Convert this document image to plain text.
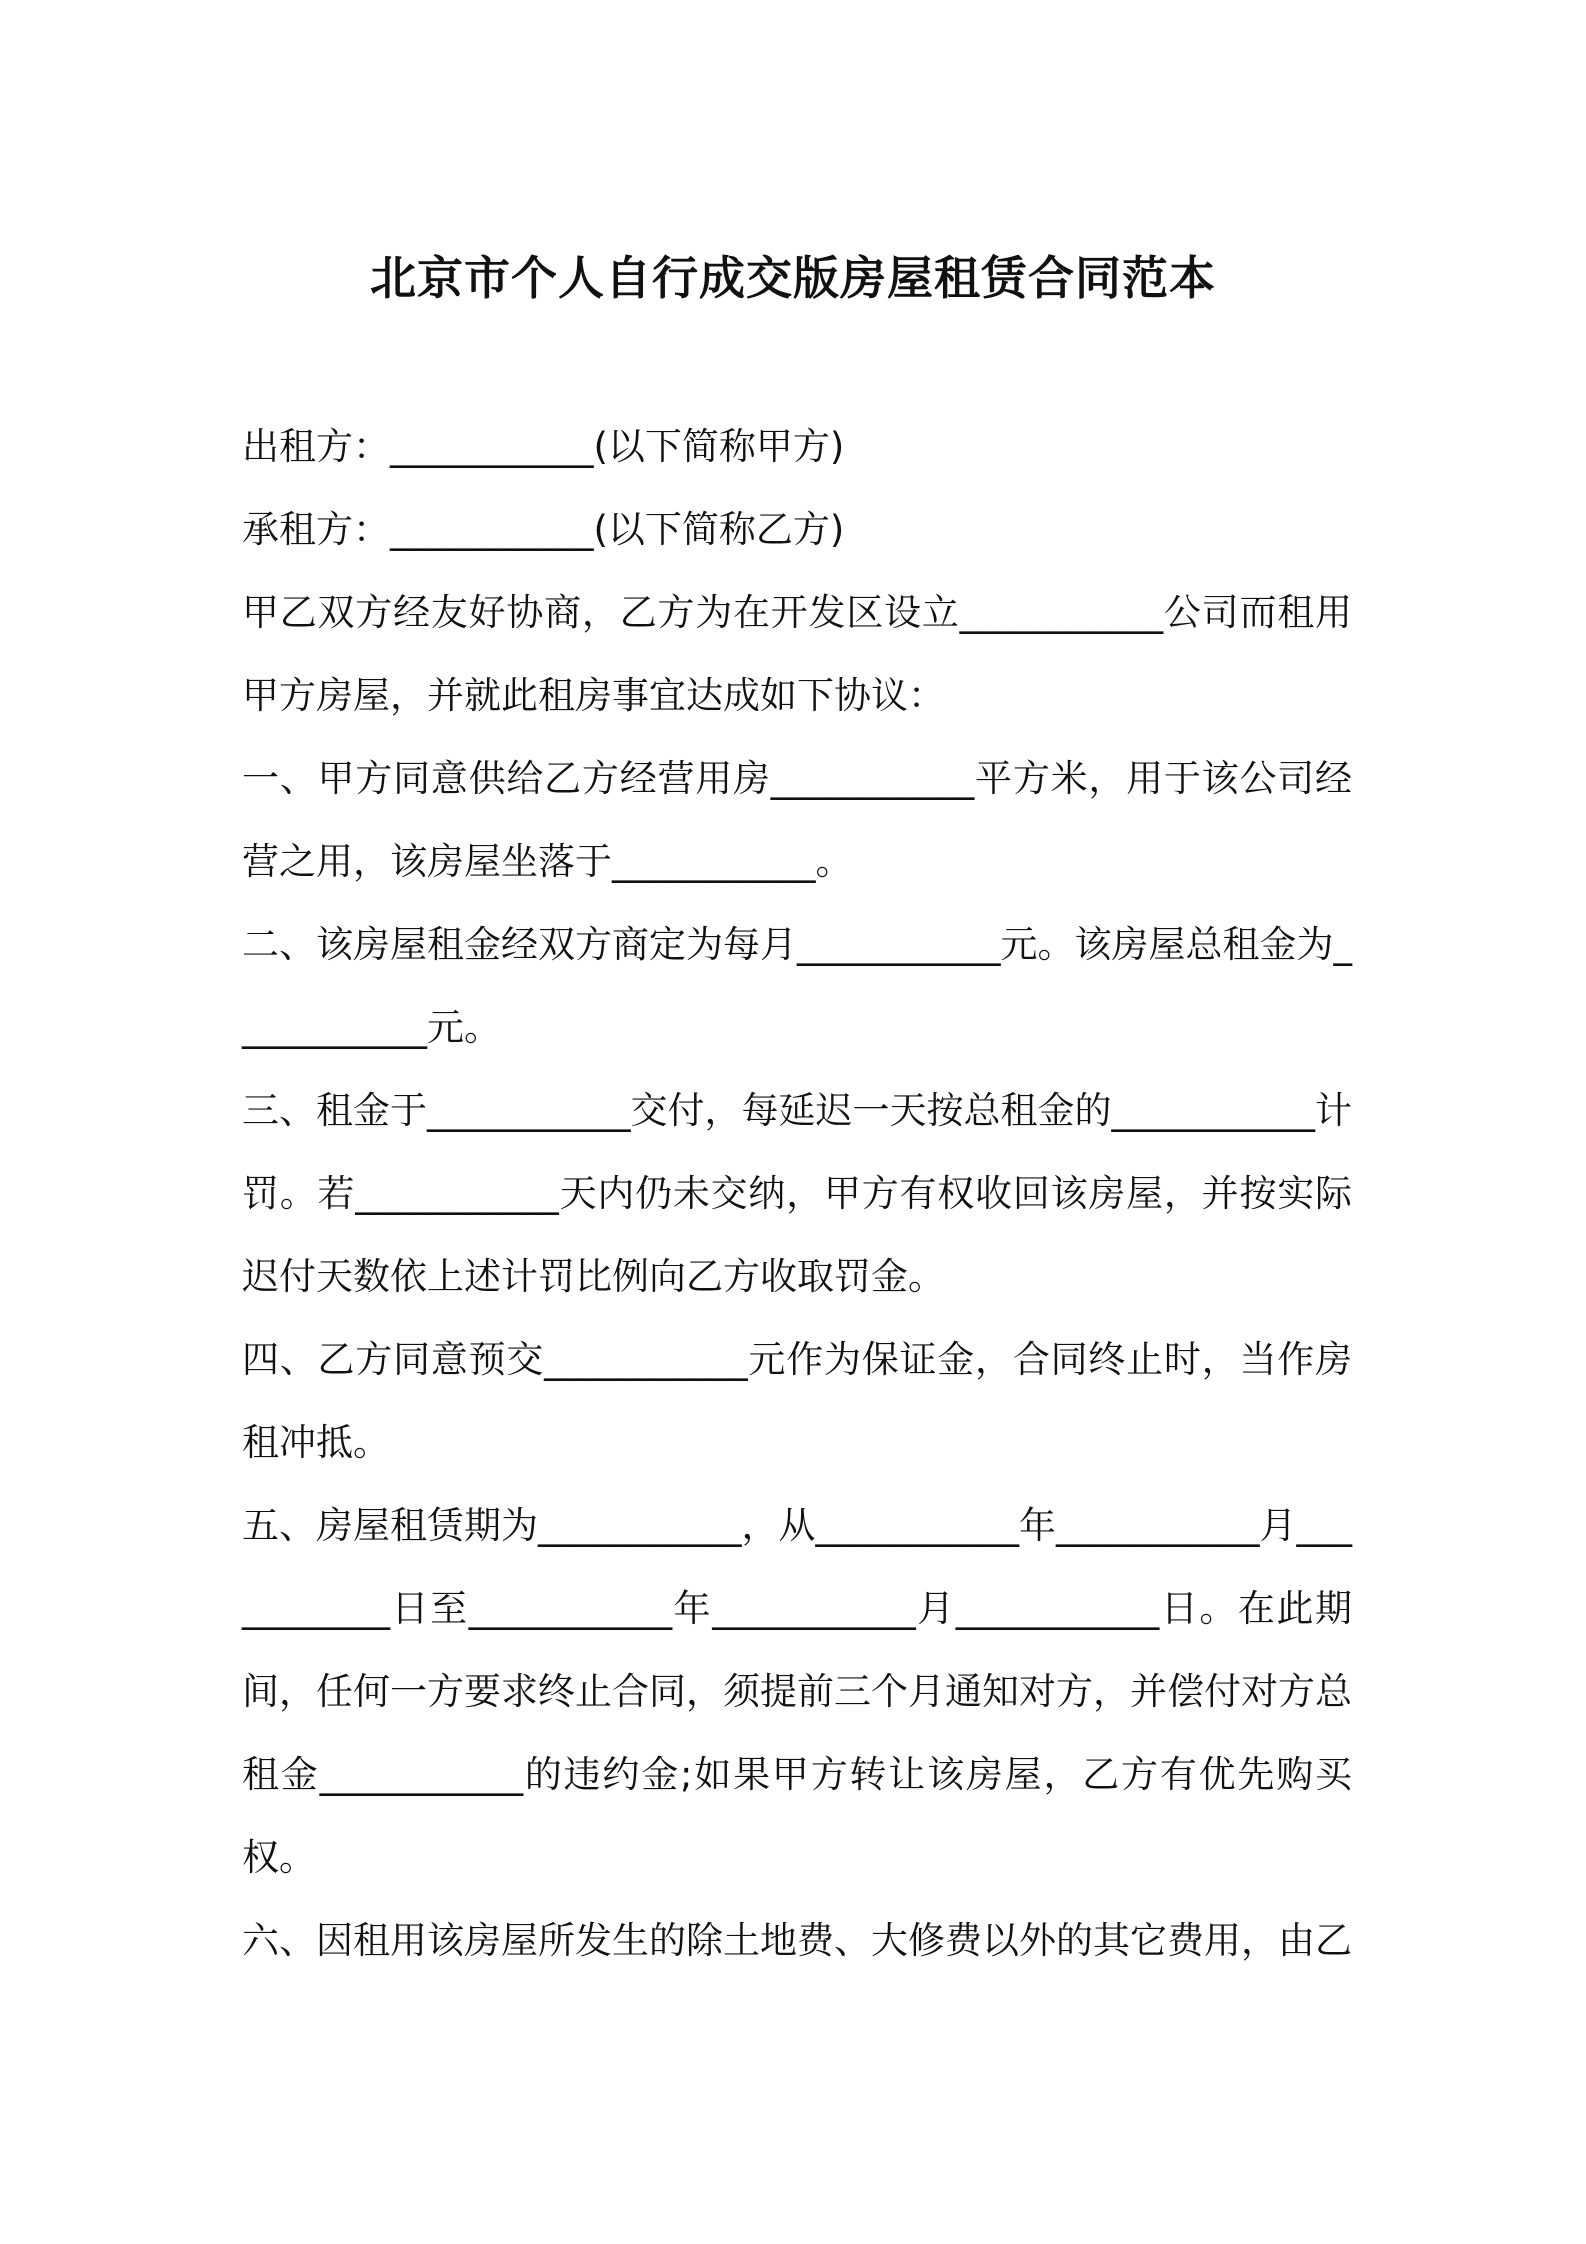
北京市个人自行成交版房屋租赁合同范本

出租方：___________(以下简称甲方)

承租方：___________(以下简称乙方)

甲乙双方经友好协商，乙方为在开发区设立___________公司而租用甲方房屋，并就此租房事宜达成如下协议：

一、甲方同意供给乙方经营用房___________平方米，用于该公司经营之用，该房屋坐落于___________。

二、该房屋租金经双方商定为每月___________元。该房屋总租金为___________元。

三、租金于___________交付，每延迟一天按总租金的___________计罚。若___________天内仍未交纳，甲方有权收回该房屋，并按实际迟付天数依上述计罚比例向乙方收取罚金。

四、乙方同意预交___________元作为保证金，合同终止时，当作房租冲抵。

五、房屋租赁期为___________，从___________年___________月___________日至___________年___________月___________日。在此期间，任何一方要求终止合同，须提前三个月通知对方，并偿付对方总租金___________的违约金;如果甲方转让该房屋，乙方有优先购买权。

六、因租用该房屋所发生的除土地费、大修费以外的其它费用，由乙
